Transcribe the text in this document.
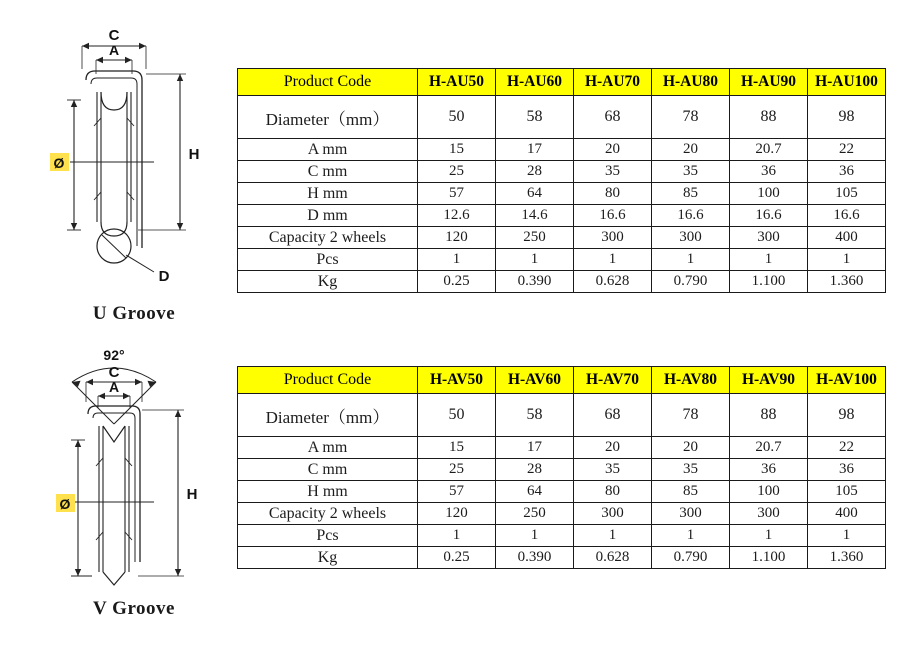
C
A
H
D
Ø
U Groove
92°
C
A
H
Ø
V Groove
Product Code	H-AU50	H-AU60	H-AU70	H-AU80	H-AU90	H-AU100
Diameter（mm）	50	58	68	78	88	98
A mm	15	17	20	20	20.7	22
C mm	25	28	35	35	36	36
H mm	57	64	80	85	100	105
D mm	12.6	14.6	16.6	16.6	16.6	16.6
Capacity 2 wheels	120	250	300	300	300	400
Pcs	1	1	1	1	1	1
Kg	0.25	0.390	0.628	0.790	1.100	1.360
Product Code	H-AV50	H-AV60	H-AV70	H-AV80	H-AV90	H-AV100
Diameter（mm）	50	58	68	78	88	98
A mm	15	17	20	20	20.7	22
C mm	25	28	35	35	36	36
H mm	57	64	80	85	100	105
Capacity 2 wheels	120	250	300	300	300	400
Pcs	1	1	1	1	1	1
Kg	0.25	0.390	0.628	0.790	1.100	1.360
